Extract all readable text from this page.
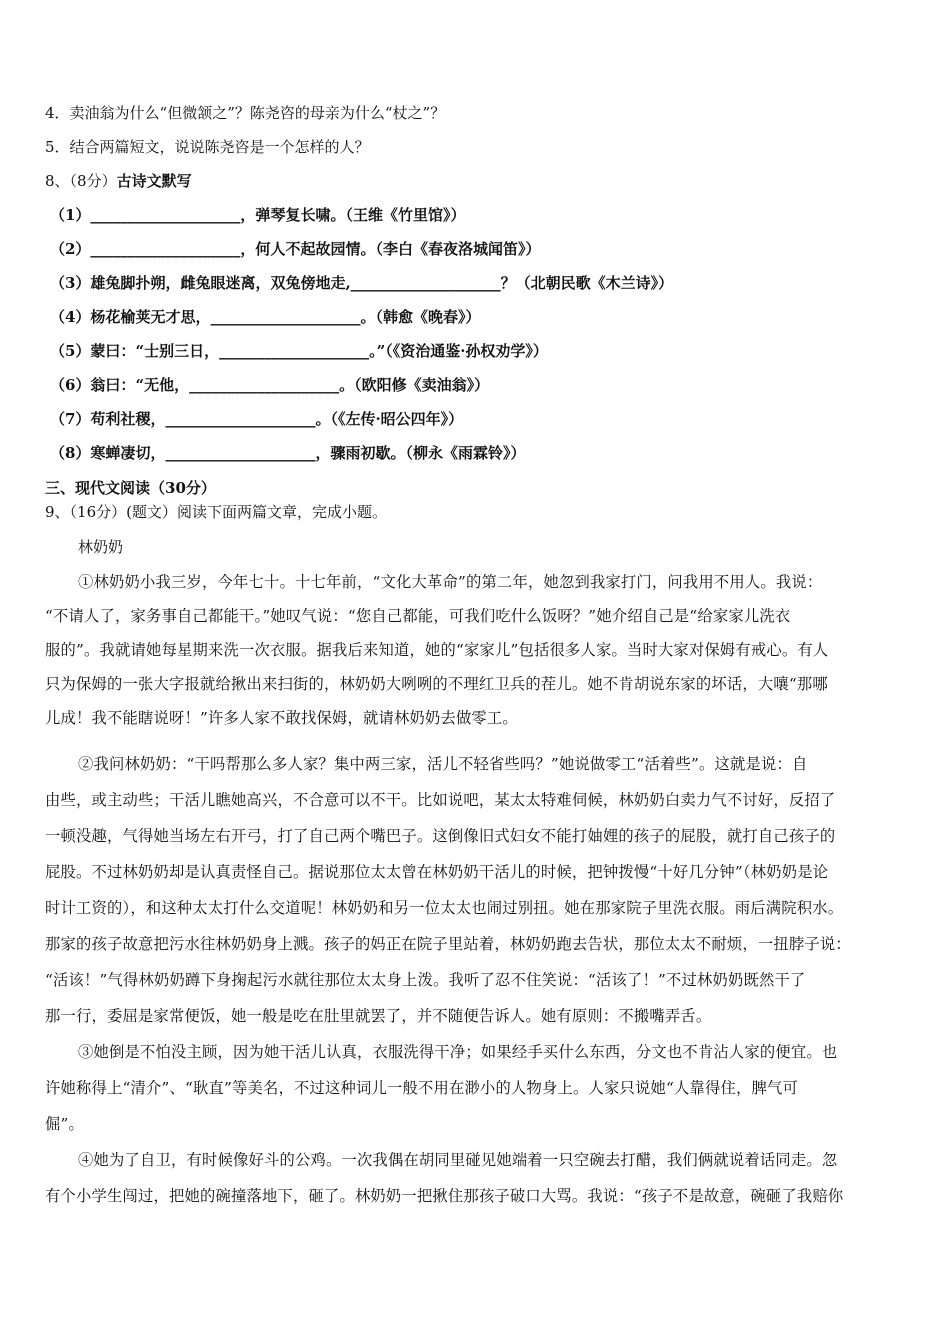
4．卖油翁为什么“但微颔之”？陈尧咨的母亲为什么“杖之”？
5．结合两篇短文，说说陈尧咨是一个怎样的人？
8、（8分）古诗文默写
（1）____________________，弹琴复长啸。（王维《竹里馆》）
（2）____________________，何人不起故园情。（李白《春夜洛城闻笛》）
（3）雄兔脚扑朔，雌兔眼迷离，双兔傍地走,____________________？（北朝民歌《木兰诗》）
（4）杨花榆荚无才思，____________________。（韩愈《晚春》）
（5）蒙曰：“士别三日，____________________。”（《资治通鉴·孙权劝学》）
（6）翁曰：“无他，____________________。（欧阳修《卖油翁》）
（7）苟利社稷，____________________。（《左传·昭公四年》）
（8）寒蝉凄切，____________________，骤雨初歇。（柳永《雨霖铃》）
三、现代文阅读（30分）
9、（16分）(题文）阅读下面两篇文章，完成小题。
林奶奶
①林奶奶小我三岁，今年七十。十七年前，“文化大革命”的第二年，她忽到我家打门，问我用不用人。我说：
“不请人了，家务事自己都能干。”她叹气说：“您自己都能，可我们吃什么饭呀？”她介绍自己是“给家家儿洗衣
服的”。我就请她每星期来洗一次衣服。据我后来知道，她的“家家儿”包括很多人家。当时大家对保姆有戒心。有人
只为保姆的一张大字报就给揪出来扫街的，林奶奶大咧咧的不理红卫兵的茬儿。她不肯胡说东家的坏话，大嚷“那哪
儿成！我不能瞎说呀！”许多人家不敢找保姆，就请林奶奶去做零工。
②我问林奶奶：“干吗帮那么多人家？集中两三家，活儿不轻省些吗？”她说做零工“活着些”。这就是说：自
由些，或主动些；干活儿瞧她高兴，不合意可以不干。比如说吧，某太太特难伺候，林奶奶白卖力气不讨好，反招了
一顿没趣，气得她当场左右开弓，打了自己两个嘴巴子。这倒像旧式妇女不能打妯娌的孩子的屁股，就打自己孩子的
屁股。不过林奶奶却是认真责怪自己。据说那位太太曾在林奶奶干活儿的时候，把钟拨慢“十好几分钟”（林奶奶是论
时计工资的），和这种太太打什么交道呢！林奶奶和另一位太太也闹过别扭。她在那家院子里洗衣服。雨后满院积水。
那家的孩子故意把污水往林奶奶身上溅。孩子的妈正在院子里站着，林奶奶跑去告状，那位太太不耐烦，一扭脖子说：
“活该！”气得林奶奶蹲下身掬起污水就往那位太太身上泼。我听了忍不住笑说：“活该了！”不过林奶奶既然干了
那一行，委屈是家常便饭，她一般是吃在肚里就罢了，并不随便告诉人。她有原则：不搬嘴弄舌。
③她倒是不怕没主顾，因为她干活儿认真，衣服洗得干净；如果经手买什么东西，分文也不肯沾人家的便宜。也
许她称得上“清介”、“耿直”等美名，不过这种词儿一般不用在渺小的人物身上。人家只说她“人靠得住，脾气可
倔”。
④她为了自卫，有时候像好斗的公鸡。一次我偶在胡同里碰见她端着一只空碗去打醋，我们俩就说着话同走。忽
有个小学生闯过，把她的碗撞落地下，砸了。林奶奶一把揪住那孩子破口大骂。我说：“孩子不是故意，碗砸了我赔你
